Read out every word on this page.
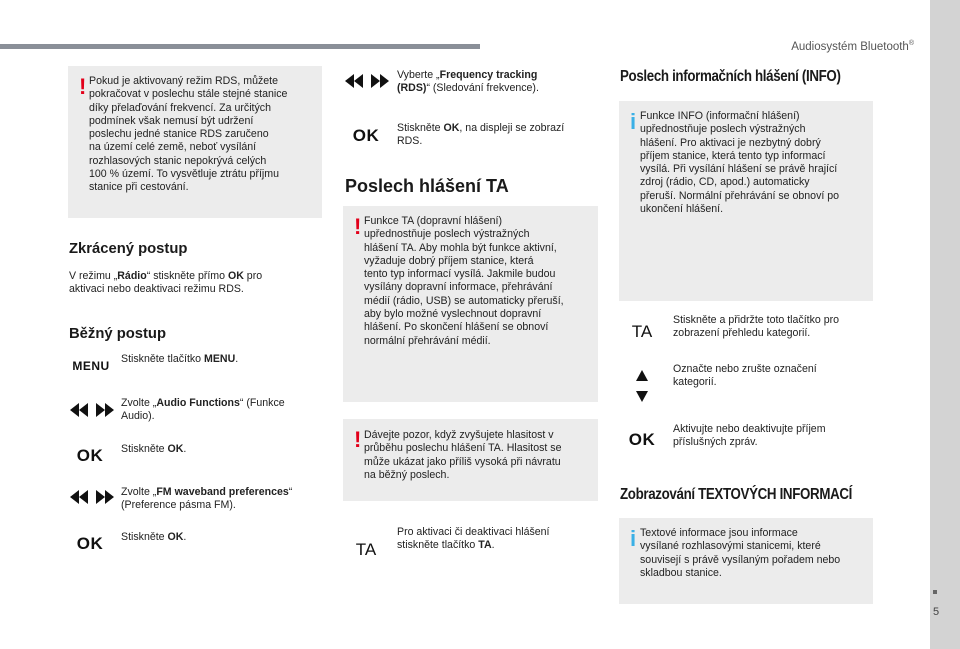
Audiosystém Bluetooth®
5
! Pokud je aktivovaný režim RDS, můžete
pokračovat v poslechu stále stejné stanice
díky přelaďování frekvencí. Za určitých
podmínek však nemusí být udržení
poslechu jedné stanice RDS zaručeno
na území celé země, neboť vysílání
rozhlasových stanic nepokrývá celých
100 % území. To vysvětluje ztrátu příjmu
stanice při cestování.

Zkrácený postup

V režimu „Rádio“ stiskněte přímo OK pro
aktivaci nebo deaktivaci režimu RDS.

Běžný postup
MENU	Stiskněte tlačítko MENU.
Zvolte „Audio Functions“ (Funkce
Audio).
OK	Stiskněte OK.
Zvolte „FM waveband preferences“
(Preference pásma FM).
OK	Stiskněte OK.
Vyberte „Frequency tracking
(RDS)“ (Sledování frekvence).
OK	Stiskněte OK, na displeji se zobrazí
RDS.
Poslech hlášení TA
! Funkce TA (dopravní hlášení)
upřednostňuje poslech výstražných
hlášení TA. Aby mohla být funkce aktivní,
vyžaduje dobrý příjem stanice, která
tento typ informací vysílá. Jakmile budou
vysílány dopravní informace, přehrávání
médií (rádio, USB) se automaticky přeruší,
aby bylo možné vyslechnout dopravní
hlášení. Po skončení hlášení se obnoví
normální přehrávání médií.

! Dávejte pozor, když zvyšujete hlasitost v
průběhu poslechu hlášení TA. Hlasitost se
může ukázat jako příliš vysoká při návratu
na běžný poslech.

TA
Pro aktivaci či deaktivaci hlášení
stiskněte tlačítko TA.
Poslech informačních hlášení (INFO)
i Funkce INFO (informační hlášení)
upřednostňuje poslech výstražných
hlášení. Pro aktivaci je nezbytný dobrý
příjem stanice, která tento typ informací
vysílá. Při vysílání hlášení se právě hrající
zdroj (rádio, CD, apod.) automaticky
přeruší. Normální přehrávání se obnoví po
ukončení hlášení.

TA
Stiskněte a přidržte toto tlačítko pro
zobrazení přehledu kategorií.
Označte nebo zrušte označení
kategorií.
OK
Aktivujte nebo deaktivujte příjem
příslušných zpráv.
Zobrazování TEXTOVÝCH INFORMACÍ
i Textové informace jsou informace
vysílané rozhlasovými stanicemi, které
souvisejí s právě vysílaným pořadem nebo
skladbou stanice.
